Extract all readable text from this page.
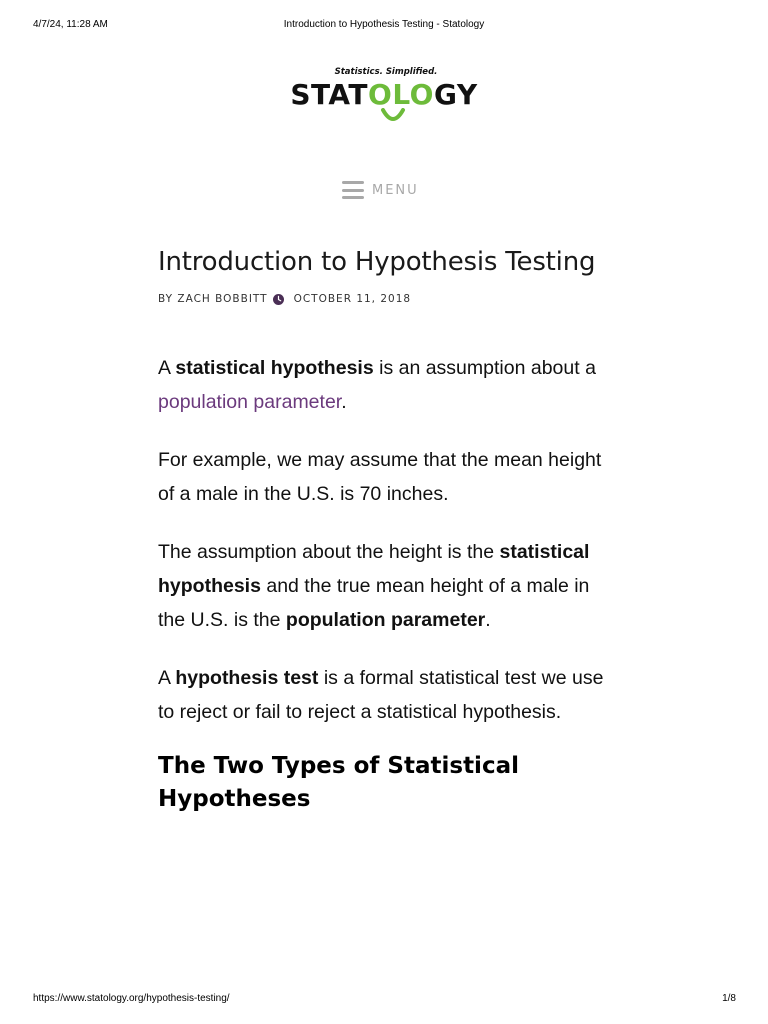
4/7/24, 11:28 AM	Introduction to Hypothesis Testing - Statology
Statistics. Simplified.
STATOLOGY
MENU
Introduction to Hypothesis Testing
BY ZACH BOBBITT OCTOBER 11, 2018

A statistical hypothesis is an assumption about a population parameter.

For example, we may assume that the mean height of a male in the U.S. is 70 inches.

The assumption about the height is the statistical hypothesis and the true mean height of a male in the U.S. is the population parameter.

A hypothesis test is a formal statistical test we use to reject or fail to reject a statistical hypothesis.

The Two Types of Statistical Hypotheses
https://www.statology.org/hypothesis-testing/	1/8
